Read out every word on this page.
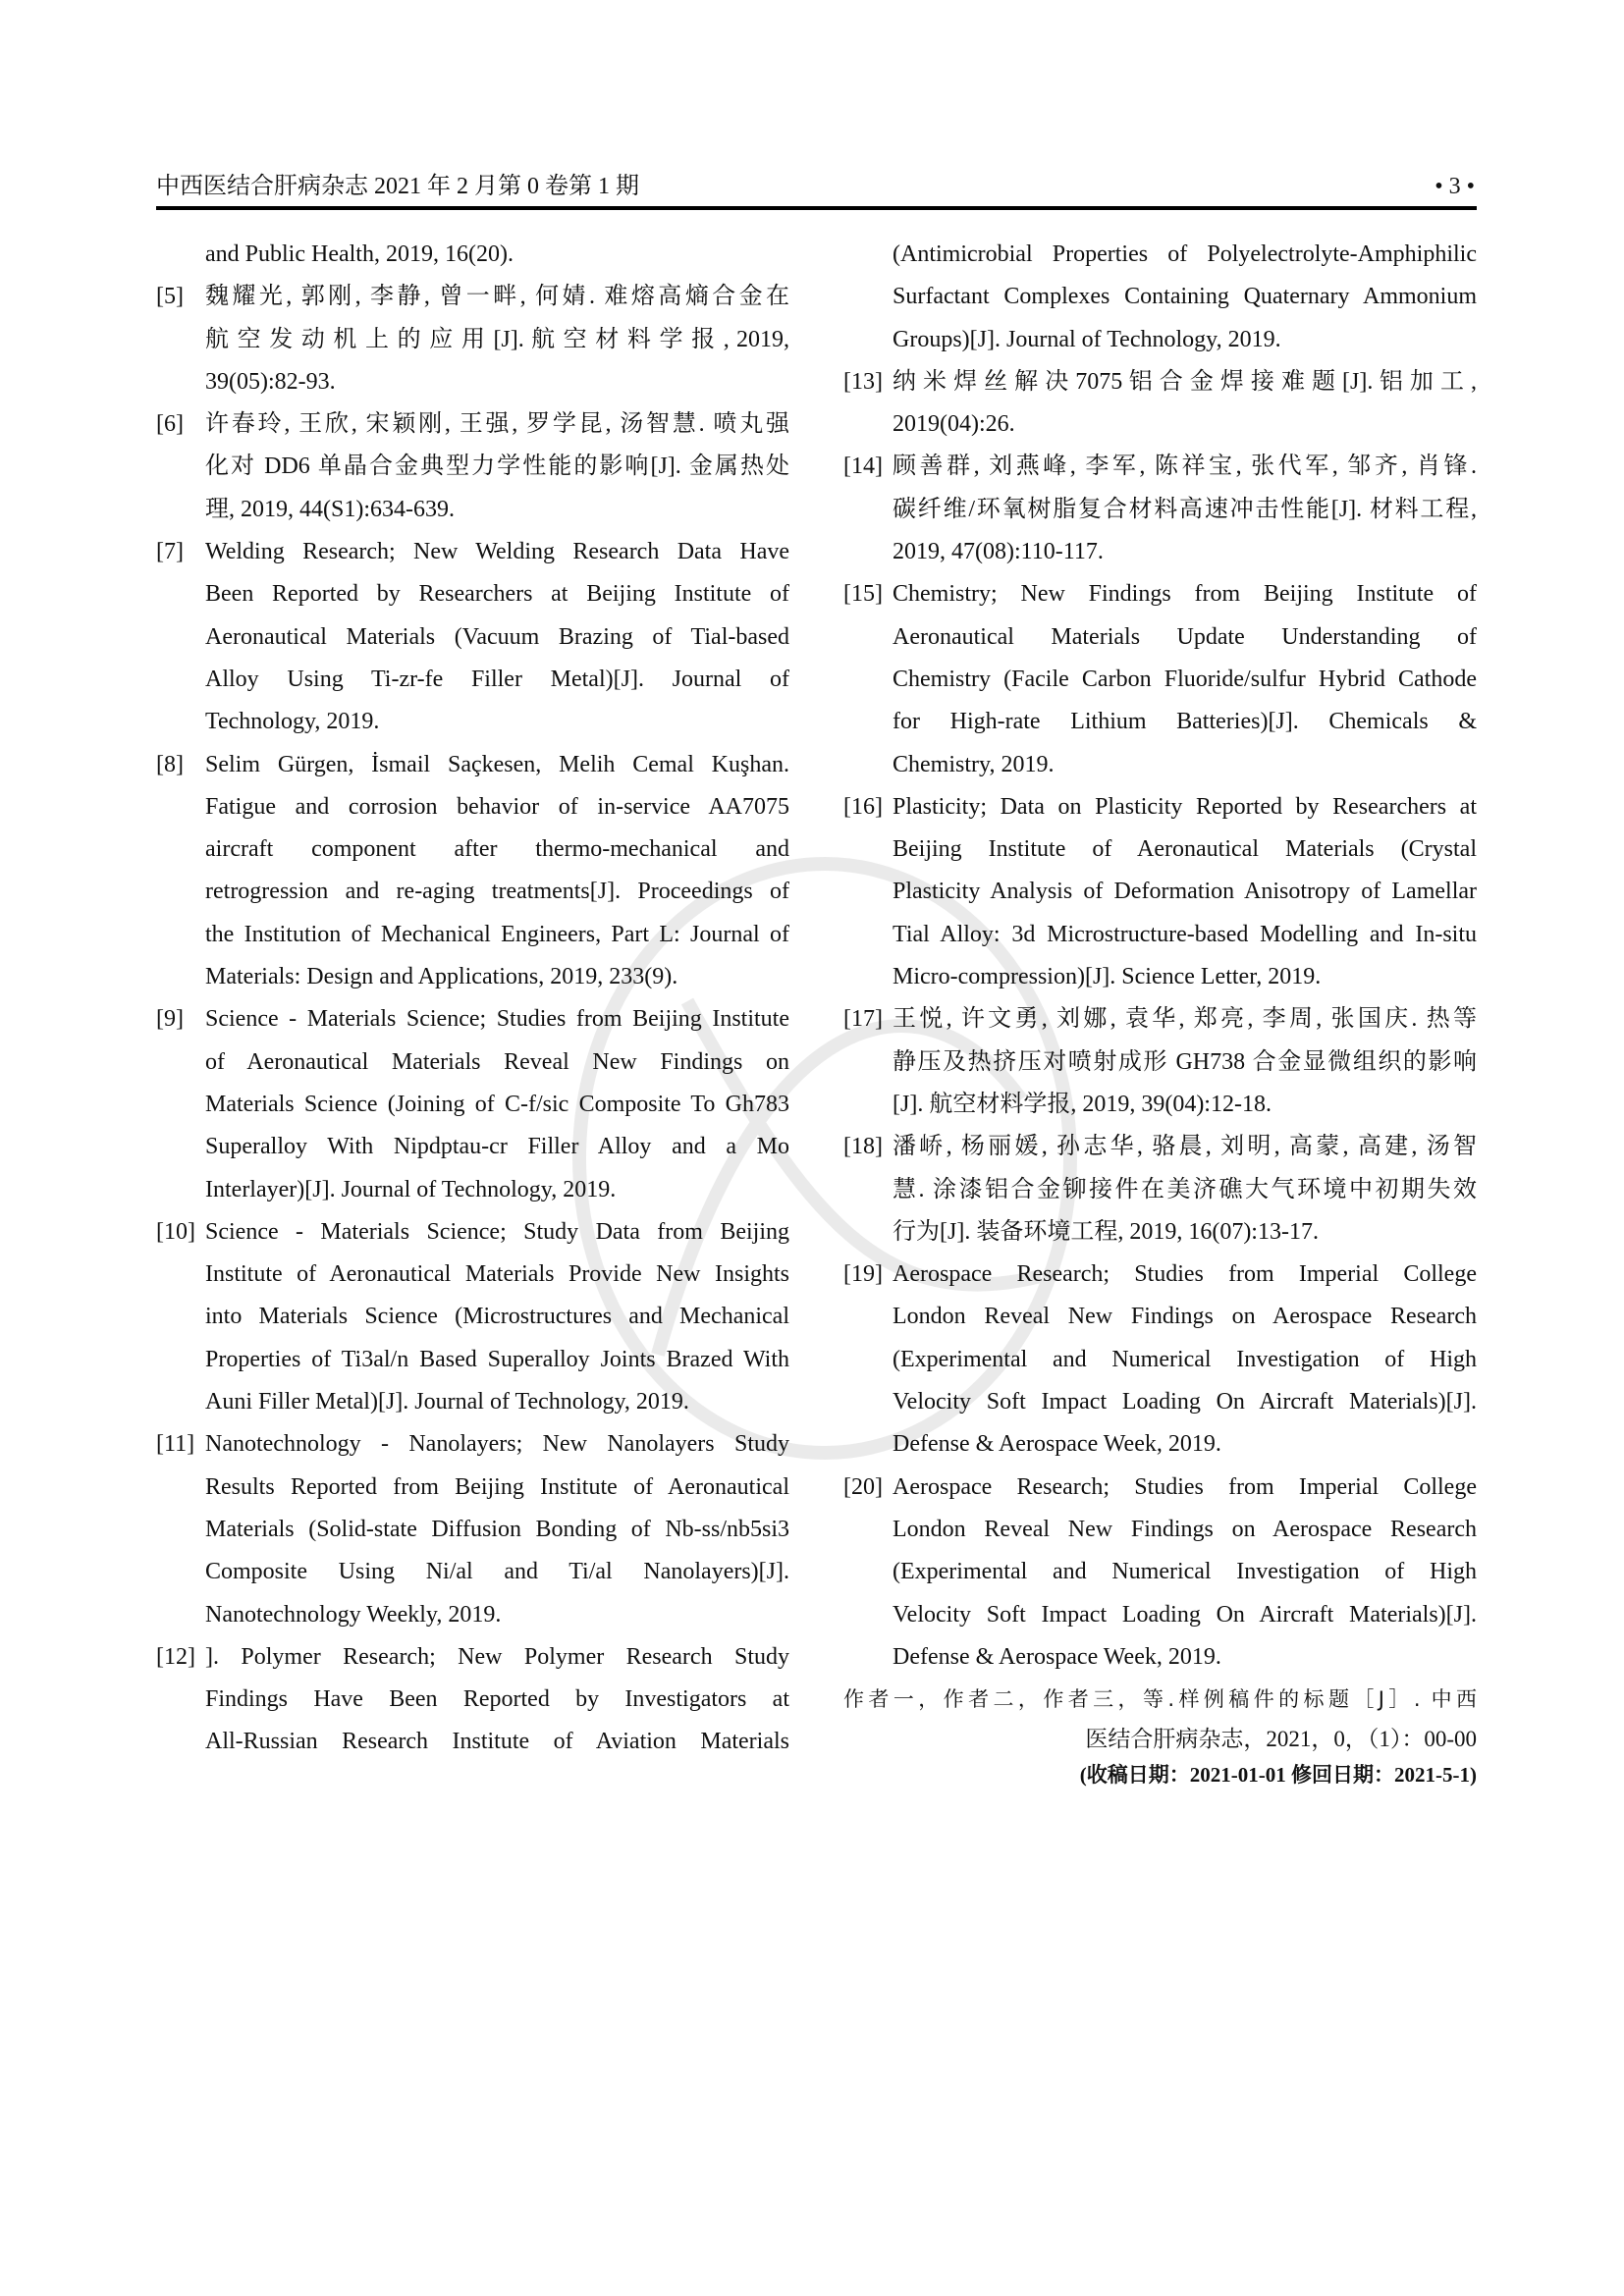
中西医结合肝病杂志 2021 年 2 月第 0 卷第 1 期	• 3 •
and Public Health, 2019, 16(20).
[5] 魏耀光, 郭刚, 李静, 曾一畔, 何婧. 难熔高熵合金在
航 空 发 动 机 上 的 应 用 [J]. 航 空 材 料 学 报 , 2019,
39(05):82-93.
[6] 许春玲, 王欣, 宋颖刚, 王强, 罗学昆, 汤智慧. 喷丸强
化对 DD6 单晶合金典型力学性能的影响[J]. 金属热处
理, 2019, 44(S1):634-639.
[7] Welding Research; New Welding Research Data Have
Been Reported by Researchers at Beijing Institute of
Aeronautical Materials (Vacuum Brazing of Tial-based
Alloy Using Ti-zr-fe Filler Metal)[J]. Journal of
Technology, 2019.
[8] Selim Gürgen, İsmail Saçkesen, Melih Cemal Kuşhan.
Fatigue and corrosion behavior of in-service AA7075
aircraft component after thermo-mechanical and
retrogression and re-aging treatments[J]. Proceedings of
the Institution of Mechanical Engineers, Part L: Journal of
Materials: Design and Applications, 2019, 233(9).
[9] Science - Materials Science; Studies from Beijing Institute
of Aeronautical Materials Reveal New Findings on
Materials Science (Joining of C-f/sic Composite To Gh783
Superalloy With Nipdptau-cr Filler Alloy and a Mo
Interlayer)[J]. Journal of Technology, 2019.
[10] Science - Materials Science; Study Data from Beijing
Institute of Aeronautical Materials Provide New Insights
into Materials Science (Microstructures and Mechanical
Properties of Ti3al/n Based Superalloy Joints Brazed With
Auni Filler Metal)[J]. Journal of Technology, 2019.
[11] Nanotechnology - Nanolayers; New Nanolayers Study
Results Reported from Beijing Institute of Aeronautical
Materials (Solid-state Diffusion Bonding of Nb-ss/nb5si3
Composite Using Ni/al and Ti/al Nanolayers)[J].
Nanotechnology Weekly, 2019.
[12] ]. Polymer Research; New Polymer Research Study
Findings Have Been Reported by Investigators at
All-Russian Research Institute of Aviation Materials
(Antimicrobial Properties of Polyelectrolyte-Amphiphilic
Surfactant Complexes Containing Quaternary Ammonium
Groups)[J]. Journal of Technology, 2019.
[13] 纳 米 焊 丝 解 决 7075 铝 合 金 焊 接 难 题 [J]. 铝 加 工 ,
2019(04):26.
[14] 顾善群, 刘燕峰, 李军, 陈祥宝, 张代军, 邹齐, 肖锋.
碳纤维/环氧树脂复合材料高速冲击性能[J]. 材料工程,
2019, 47(08):110-117.
[15] Chemistry; New Findings from Beijing Institute of
Aeronautical Materials Update Understanding of
Chemistry (Facile Carbon Fluoride/sulfur Hybrid Cathode
for High-rate Lithium Batteries)[J]. Chemicals &
Chemistry, 2019.
[16] Plasticity; Data on Plasticity Reported by Researchers at
Beijing Institute of Aeronautical Materials (Crystal
Plasticity Analysis of Deformation Anisotropy of Lamellar
Tial Alloy: 3d Microstructure-based Modelling and In-situ
Micro-compression)[J]. Science Letter, 2019.
[17] 王悦, 许文勇, 刘娜, 袁华, 郑亮, 李周, 张国庆. 热等
静压及热挤压对喷射成形 GH738 合金显微组织的影响
[J]. 航空材料学报, 2019, 39(04):12-18.
[18] 潘峤, 杨丽媛, 孙志华, 骆晨, 刘明, 高蒙, 高建, 汤智
慧. 涂漆铝合金铆接件在美济礁大气环境中初期失效
行为[J]. 装备环境工程, 2019, 16(07):13-17.
[19] Aerospace Research; Studies from Imperial College
London Reveal New Findings on Aerospace Research
(Experimental and Numerical Investigation of High
Velocity Soft Impact Loading On Aircraft Materials)[J].
Defense & Aerospace Week, 2019.
[20] Aerospace Research; Studies from Imperial College
London Reveal New Findings on Aerospace Research
(Experimental and Numerical Investigation of High
Velocity Soft Impact Loading On Aircraft Materials)[J].
Defense & Aerospace Week, 2019.
作者一，作者二，作者三，等.样例稿件的标题［J］. 中西
医结合肝病杂志，2021，0，（1）：00-00
(收稿日期：2021-01-01 修回日期：2021-5-1)
